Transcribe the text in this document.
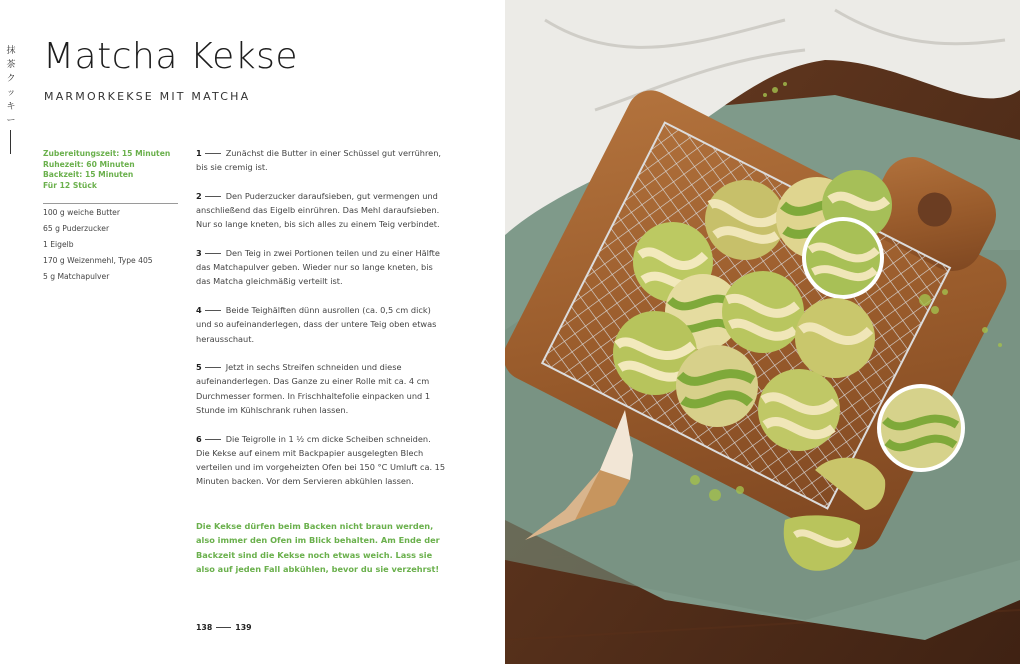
抹
茶
ク
ッ
キ
ー
Matcha Kekse
MARMORKEKSE MIT MATCHA
Zubereitungszeit: 15 Minuten
Ruhezeit: 60 Minuten
Backzeit: 15 Minuten
Für 12 Stück
100 g weiche Butter
65 g Puderzucker
1 Eigelb
170 g Weizenmehl, Type 405
5 g Matchapulver
1	Zunächst die Butter in einer Schüssel gut verrühren, bis sie cremig ist.
2	Den Puderzucker daraufsieben, gut vermengen und anschließend das Eigelb einrühren. Das Mehl daraufsieben. Nur so lange kneten, bis sich alles zu einem Teig verbindet.
3	Den Teig in zwei Portionen teilen und zu einer Hälfte das Matchapulver geben. Wieder nur so lange kneten, bis das Matcha gleichmäßig verteilt ist.
4	Beide Teighälften dünn ausrollen (ca. 0,5 cm dick) und so aufeinanderlegen, dass der untere Teig oben etwas herausschaut.
5	Jetzt in sechs Streifen schneiden und diese aufeinanderlegen. Das Ganze zu einer Rolle mit ca. 4 cm Durchmesser formen. In Frischhaltefolie einpacken und 1 Stunde im Kühlschrank ruhen lassen.
6	Die Teigrolle in 1 ½ cm dicke Scheiben schneiden. Die Kekse auf einem mit Backpapier ausgelegten Blech verteilen und im vorgeheizten Ofen bei 150 °C Umluft ca. 15 Minuten backen. Vor dem Servieren abkühlen lassen.
Die Kekse dürfen beim Backen nicht braun werden, also immer den Ofen im Blick behalten. Am Ende der Backzeit sind die Kekse noch etwas weich. Lass sie also auf jeden Fall abkühlen, bevor du sie verzehrst!
138	139
